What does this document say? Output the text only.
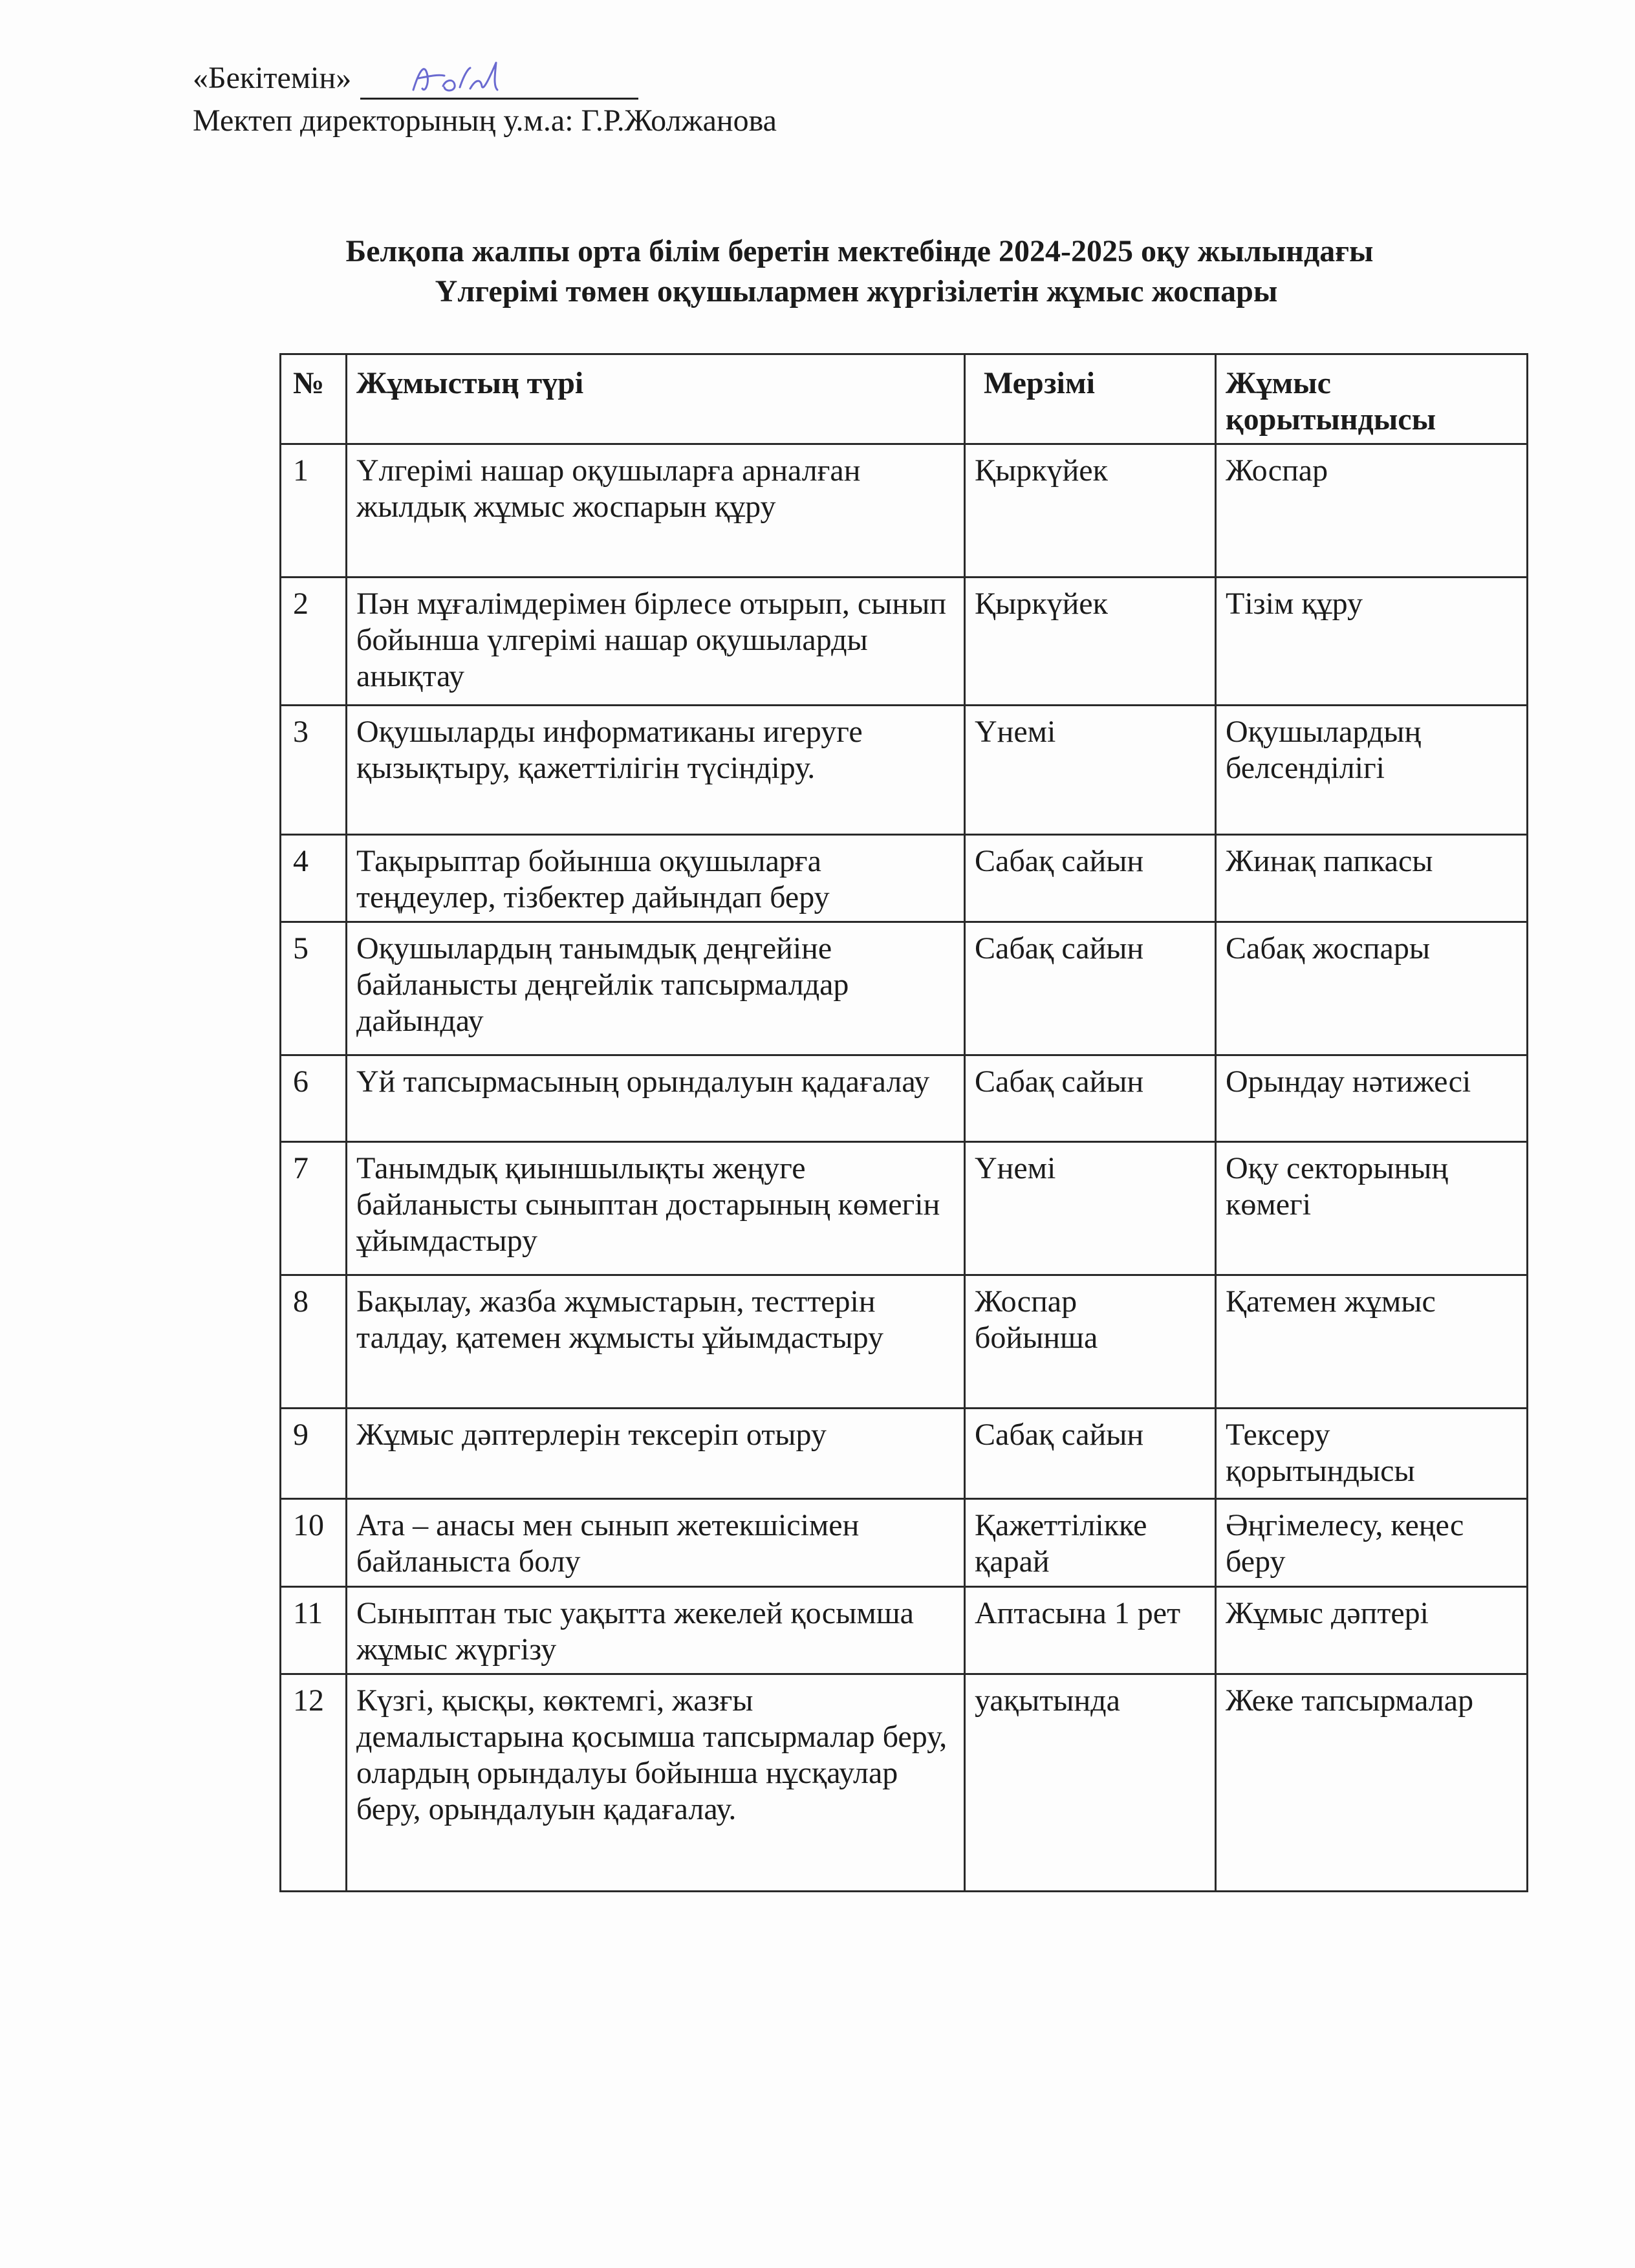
«Бекітемін»
Мектеп директорының у.м.а: Г.Р.Жолжанова
Белқопа жалпы орта білім беретін мектебінде 2024-2025 оқу жылындағы
Үлгерімі төмен оқушылармен жүргізілетін жұмыс жоспары
№	Жұмыстың түрі	Мерзімі	Жұмыс қорытындысы
1	Үлгерімі нашар оқушыларға арналған жылдық жұмыс жоспарын құру	Қыркүйек	Жоспар
2	Пән мұғалімдерімен бірлесе отырып, сынып бойынша үлгерімі нашар оқушыларды анықтау	Қыркүйек	Тізім құру
3	Оқушыларды информатиканы игеруге қызықтыру, қажеттілігін түсіндіру.	Үнемі	Оқушылардың белсенділігі
4	Тақырыптар бойынша оқушыларға теңдеулер, тізбектер дайындап беру	Сабақ сайын	Жинақ папкасы
5	Оқушылардың танымдық деңгейіне байланысты деңгейлік тапсырмалдар дайындау	Сабақ сайын	Сабақ жоспары
6	Үй тапсырмасының орындалуын қадағалау	Сабақ сайын	Орындау нәтижесі
7	Танымдық қиыншылықты жеңуге байланысты сыныптан достарының көмегін ұйымдастыру	Үнемі	Оқу секторының көмегі
8	Бақылау, жазба жұмыстарын, тесттерін талдау, қатемен жұмысты ұйымдастыру	Жоспар бойынша	Қатемен жұмыс
9	Жұмыс дәптерлерін тексеріп отыру	Сабақ сайын	Тексеру қорытындысы
10	Ата – анасы мен сынып жетекшісімен байланыста болу	Қажеттілікке қарай	Әңгімелесу, кеңес беру
11	Сыныптан тыс уақытта жекелей қосымша жұмыс жүргізу	Аптасына 1 рет	Жұмыс дәптері
12	Күзгі, қысқы, көктемгі, жазғы демалыстарына қосымша тапсырмалар беру, олардың орындалуы бойынша нұсқаулар беру, орындалуын қадағалау.	уақытында	Жеке тапсырмалар
